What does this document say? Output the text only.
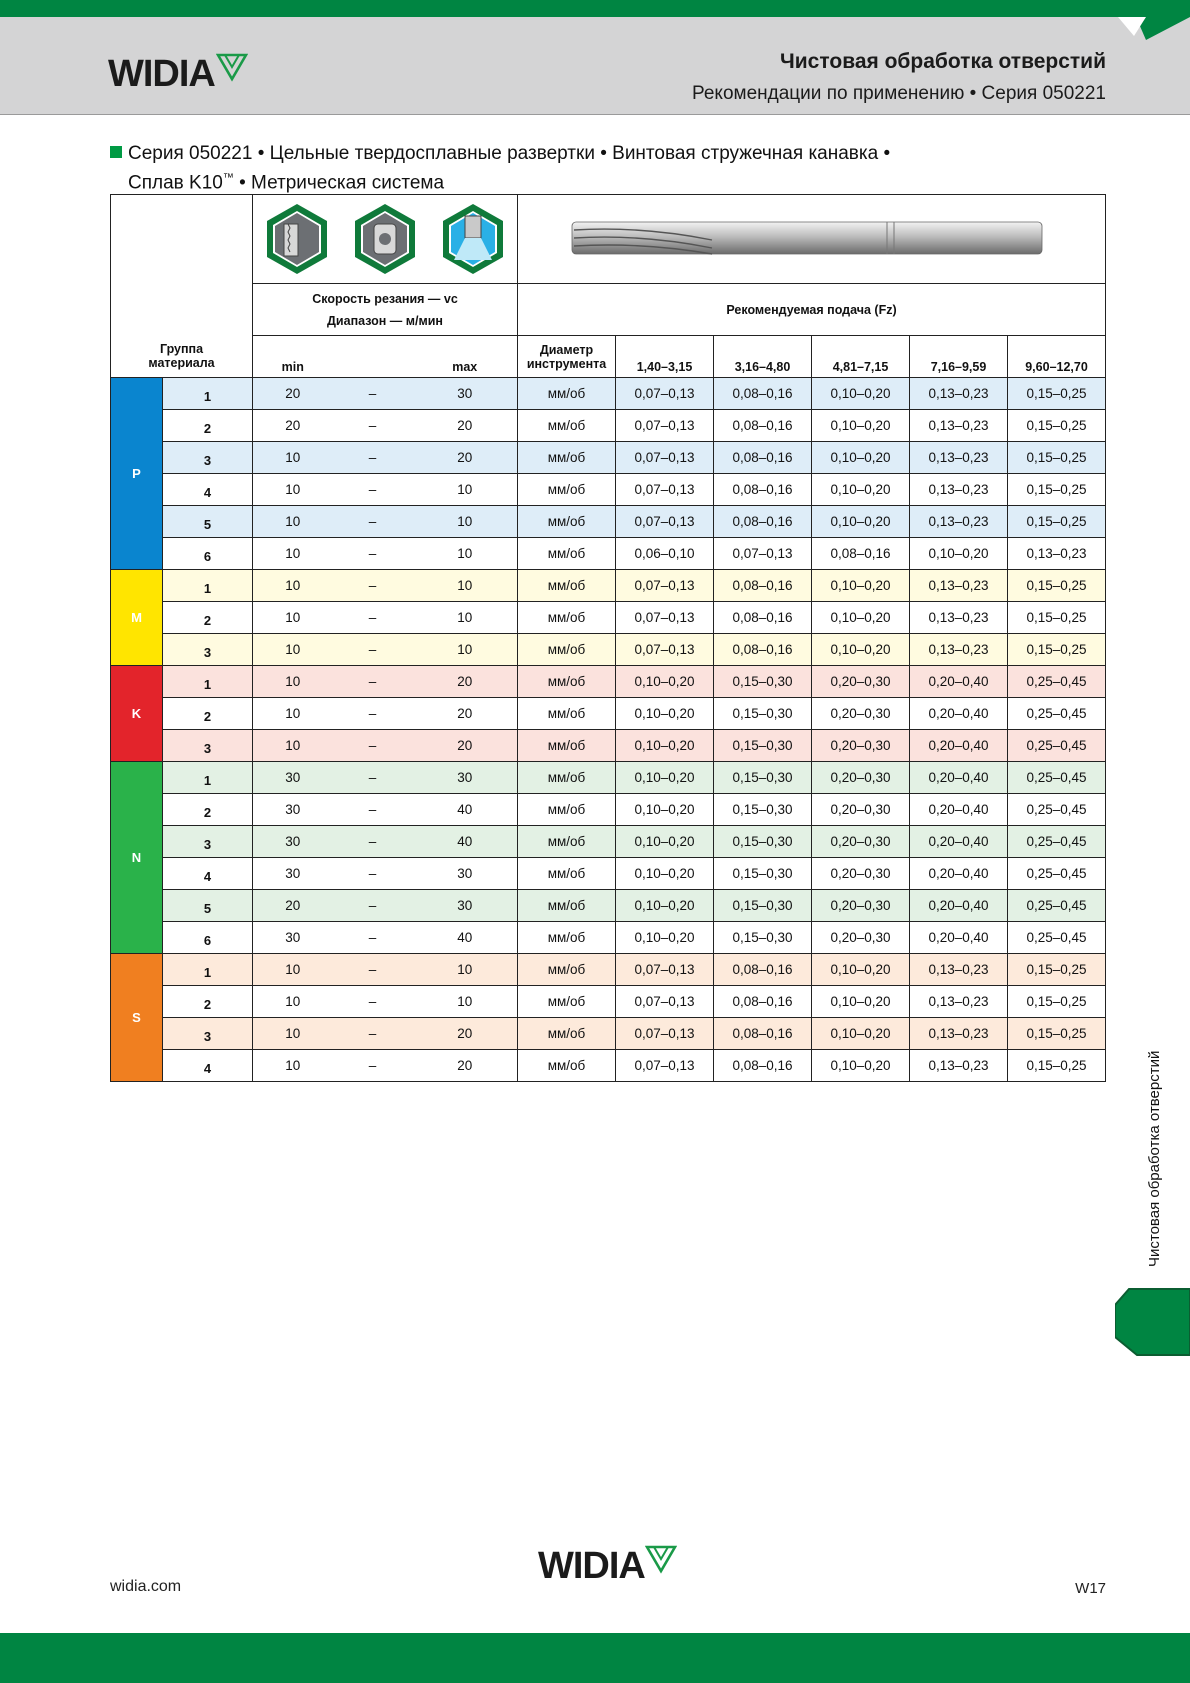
WIDIA	Чистовая обработка отверстий
Рекомендации по применению • Серия 050221
Серия 050221 • Цельные твердосплавные развертки • Винтовая стружечная канавка •
Сплав K10™ • Метрическая система

		Скорость резания — vc
Диапазон — м/мин			Рекомендуемая подача (Fz)					

Группа материала		min		max	Диаметр инструмента	1,40–3,15	3,16–4,80	4,81–7,15	7,16–9,59	9,60–12,70
P	1	20	–	30	мм/об	0,07–0,13	0,08–0,16	0,10–0,20	0,13–0,23	0,15–0,25
	2	20	–	20	мм/об	0,07–0,13	0,08–0,16	0,10–0,20	0,13–0,23	0,15–0,25
	3	10	–	20	мм/об	0,07–0,13	0,08–0,16	0,10–0,20	0,13–0,23	0,15–0,25
	4	10	–	10	мм/об	0,07–0,13	0,08–0,16	0,10–0,20	0,13–0,23	0,15–0,25
	5	10	–	10	мм/об	0,07–0,13	0,08–0,16	0,10–0,20	0,13–0,23	0,15–0,25
	6	10	–	10	мм/об	0,06–0,10	0,07–0,13	0,08–0,16	0,10–0,20	0,13–0,23
M	1	10	–	10	мм/об	0,07–0,13	0,08–0,16	0,10–0,20	0,13–0,23	0,15–0,25
	2	10	–	10	мм/об	0,07–0,13	0,08–0,16	0,10–0,20	0,13–0,23	0,15–0,25
	3	10	–	10	мм/об	0,07–0,13	0,08–0,16	0,10–0,20	0,13–0,23	0,15–0,25
K	1	10	–	20	мм/об	0,10–0,20	0,15–0,30	0,20–0,30	0,20–0,40	0,25–0,45
	2	10	–	20	мм/об	0,10–0,20	0,15–0,30	0,20–0,30	0,20–0,40	0,25–0,45
	3	10	–	20	мм/об	0,10–0,20	0,15–0,30	0,20–0,30	0,20–0,40	0,25–0,45
N	1	30	–	30	мм/об	0,10–0,20	0,15–0,30	0,20–0,30	0,20–0,40	0,25–0,45
	2	30	–	40	мм/об	0,10–0,20	0,15–0,30	0,20–0,30	0,20–0,40	0,25–0,45
	3	30	–	40	мм/об	0,10–0,20	0,15–0,30	0,20–0,30	0,20–0,40	0,25–0,45
	4	30	–	30	мм/об	0,10–0,20	0,15–0,30	0,20–0,30	0,20–0,40	0,25–0,45
	5	20	–	30	мм/об	0,10–0,20	0,15–0,30	0,20–0,30	0,20–0,40	0,25–0,45
	6	30	–	40	мм/об	0,10–0,20	0,15–0,30	0,20–0,30	0,20–0,40	0,25–0,45
S	1	10	–	10	мм/об	0,07–0,13	0,08–0,16	0,10–0,20	0,13–0,23	0,15–0,25
	2	10	–	10	мм/об	0,07–0,13	0,08–0,16	0,10–0,20	0,13–0,23	0,15–0,25
	3	10	–	20	мм/об	0,07–0,13	0,08–0,16	0,10–0,20	0,13–0,23	0,15–0,25
	4	10	–	20	мм/об	0,07–0,13	0,08–0,16	0,10–0,20	0,13–0,23	0,15–0,25	Чистовая обработка отверстий
widia.com	WIDIA
W17
